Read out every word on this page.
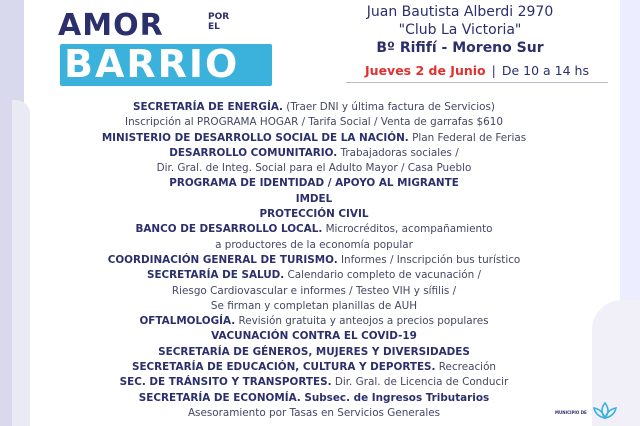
AMOR	POR
EL
BARRIO
Juan Bautista Alberdi 2970
"Club La Victoria"
Bº Rififí - Moreno Sur
Jueves 2 de Junio | De 10 a 14 hs
SECRETARÍA DE ENERGÍA. (Traer DNI y última factura de Servicios)
Inscripción al PROGRAMA HOGAR / Tarifa Social / Venta de garrafas $610
MINISTERIO DE DESARROLLO SOCIAL DE LA NACIÓN. Plan Federal de Ferias
DESARROLLO COMUNITARIO. Trabajadoras sociales /
Dir. Gral. de Integ. Social para el Adulto Mayor / Casa Pueblo
PROGRAMA DE IDENTIDAD / APOYO AL MIGRANTE
IMDEL
PROTECCIÓN CIVIL
BANCO DE DESARROLLO LOCAL. Microcréditos, acompañamiento
a productores de la economía popular
COORDINACIÓN GENERAL DE TURISMO. Informes / Inscripción bus turístico
SECRETARÍA DE SALUD. Calendario completo de vacunación /
Riesgo Cardiovascular e informes / Testeo VIH y sífilis /
Se firman y completan planillas de AUH
OFTALMOLOGÍA. Revisión gratuita y anteojos a precios populares
VACUNACIÓN CONTRA EL COVID-19
SECRETARÍA DE GÉNEROS, MUJERES Y DIVERSIDADES
SECRETARÍA DE EDUCACIÓN, CULTURA Y DEPORTES. Recreación
SEC. DE TRÁNSITO Y TRANSPORTES. Dir. Gral. de Licencia de Conducir
SECRETARÍA DE ECONOMÍA. Subsec. de Ingresos Tributarios
Asesoramiento por Tasas en Servicios Generales	MUNICIPIO DE
